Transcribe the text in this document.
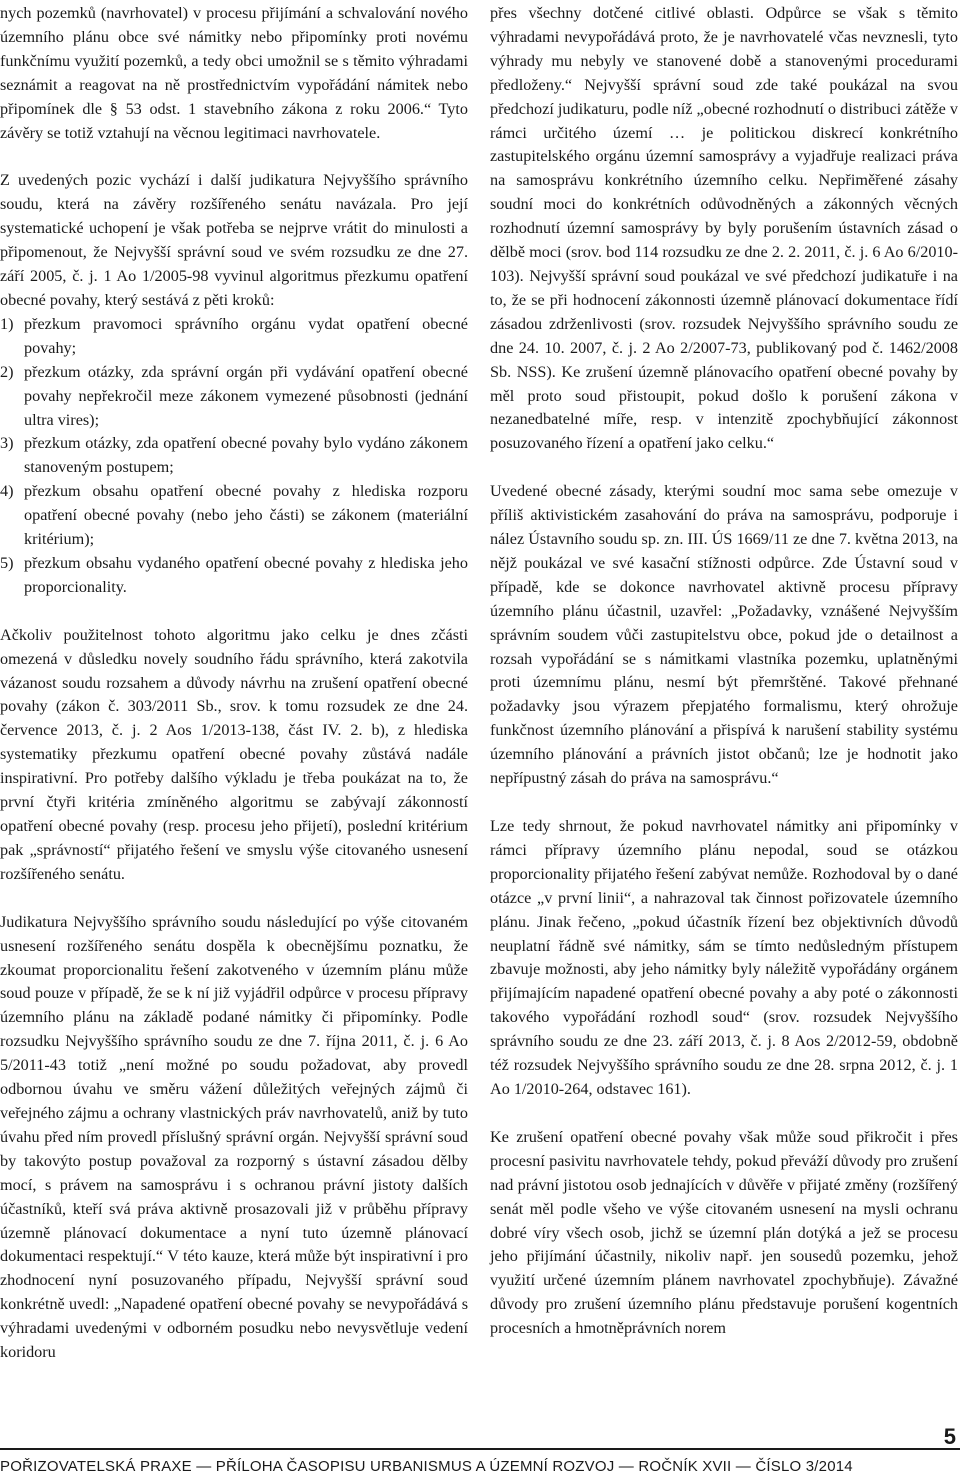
nych pozemků (navrhovatel) v procesu přijímání a schvalování nového územního plánu obce své námitky nebo připomínky proti novému funkčnímu využití pozemků, a tedy obci umožnil se s těmito výhradami seznámit a reagovat na ně prostřednictvím vypořádání námitek nebo připomínek dle § 53 odst. 1 stavebního zákona z roku 2006.“ Tyto závěry se totiž vztahují na věcnou legitimaci navrhovatele.

Z uvedených pozic vychází i další judikatura Nejvyššího správního soudu, která na závěry rozšířeného senátu navázala. Pro její systematické uchopení je však potřeba se nejprve vrátit do minulosti a připomenout, že Nejvyšší správní soud ve svém rozsudku ze dne 27. září 2005, č. j. 1 Ao 1/2005-98 vyvinul algoritmus přezkumu opatření obecné povahy, který sestává z pěti kroků:

1) přezkum pravomoci správního orgánu vydat opatření obecné povahy;
2) přezkum otázky, zda správní orgán při vydávání opatření obecné povahy nepřekročil meze zákonem vymezené působnosti (jednání ultra vires);
3) přezkum otázky, zda opatření obecné povahy bylo vydáno zákonem stanoveným postupem;
4) přezkum obsahu opatření obecné povahy z hlediska rozporu opatření obecné povahy (nebo jeho části) se zákonem (materiální kritérium);
5) přezkum obsahu vydaného opatření obecné povahy z hlediska jeho proporcionality.

Ačkoliv použitelnost tohoto algoritmu jako celku je dnes zčásti omezená v důsledku novely soudního řádu správního, která zakotvila vázanost soudu rozsahem a důvody návrhu na zrušení opatření obecné povahy (zákon č. 303/2011 Sb., srov. k tomu rozsudek ze dne 24. července 2013, č. j. 2 Aos 1/2013-138, část IV. 2. b), z hlediska systematiky přezkumu opatření obecné povahy zůstává nadále inspirativní. Pro potřeby dalšího výkladu je třeba poukázat na to, že první čtyři kritéria zmíněného algoritmu se zabývají zákonností opatření obecné povahy (resp. procesu jeho přijetí), poslední kritérium pak „správností“ přijatého řešení ve smyslu výše citovaného usnesení rozšířeného senátu.

Judikatura Nejvyššího správního soudu následující po výše citovaném usnesení rozšířeného senátu dospěla k obecnějšímu poznatku, že zkoumat proporcionalitu řešení zakotveného v územním plánu může soud pouze v případě, že se k ní již vyjádřil odpůrce v procesu přípravy územního plánu na základě podané námitky či připomínky. Podle rozsudku Nejvyššího správního soudu ze dne 7. října 2011, č. j. 6 Ao 5/2011-43 totiž „není možné po soudu požadovat, aby provedl odbornou úvahu ve směru vážení důležitých veřejných zájmů či veřejného zájmu a ochrany vlastnických práv navrhovatelů, aniž by tuto úvahu před ním provedl příslušný správní orgán. Nejvyšší správní soud by takovýto postup považoval za rozporný s ústavní zásadou dělby mocí, s právem na samosprávu i s ochranou právní jistoty dalších účastníků, kteří svá práva aktivně prosazovali již v průběhu přípravy územně plánovací dokumentace a nyní tuto územně plánovací dokumentaci respektují.“ V této kauze, která může být inspirativní i pro zhodnocení nyní posuzovaného případu, Nejvyšší správní soud konkrétně uvedl: „Napadené opatření obecné povahy se nevypořádává s výhradami uvedenými v odborném posudku nebo nevysvětluje vedení koridoru

přes všechny dotčené citlivé oblasti. Odpůrce se však s těmito výhradami nevypořádává proto, že je navrhovatelé včas nevznesli, tyto výhrady mu nebyly ve stanovené době a stanovenými procedurami předloženy.“ Nejvyšší správní soud zde také poukázal na svou předchozí judikaturu, podle níž „obecné rozhodnutí o distribuci zátěže v rámci určitého území … je politickou diskrecí konkrétního zastupitelského orgánu územní samosprávy a vyjadřuje realizaci práva na samosprávu konkrétního územního celku. Nepřiměřené zásahy soudní moci do konkrétních odůvodněných a zákonných věcných rozhodnutí územní samosprávy by byly porušením ústavních zásad o dělbě moci (srov. bod 114 rozsudku ze dne 2. 2. 2011, č. j. 6 Ao 6/2010-103). Nejvyšší správní soud poukázal ve své předchozí judikatuře i na to, že se při hodnocení zákonnosti územně plánovací dokumentace řídí zásadou zdrženlivosti (srov. rozsudek Nejvyššího správního soudu ze dne 24. 10. 2007, č. j. 2 Ao 2/2007-73, publikovaný pod č. 1462/2008 Sb. NSS). Ke zrušení územně plánovacího opatření obecné povahy by měl proto soud přistoupit, pokud došlo k porušení zákona v nezanedbatelné míře, resp. v intenzitě zpochybňující zákonnost posuzovaného řízení a opatření jako celku.“

Uvedené obecné zásady, kterými soudní moc sama sebe omezuje v příliš aktivistickém zasahování do práva na samosprávu, podporuje i nález Ústavního soudu sp. zn. III. ÚS 1669/11 ze dne 7. května 2013, na nějž poukázal ve své kasační stížnosti odpůrce. Zde Ústavní soud v případě, kde se dokonce navrhovatel aktivně procesu přípravy územního plánu účastnil, uzavřel: „Požadavky, vznášené Nejvyšším správním soudem vůči zastupitelstvu obce, pokud jde o detailnost a rozsah vypořádání se s námitkami vlastníka pozemku, uplatněnými proti územnímu plánu, nesmí být přemrštěné. Takové přehnané požadavky jsou výrazem přepjatého formalismu, který ohrožuje funkčnost územního plánování a přispívá k narušení stability systému územního plánování a právních jistot občanů; lze je hodnotit jako nepřípustný zásah do práva na samosprávu.“

Lze tedy shrnout, že pokud navrhovatel námitky ani připomínky v rámci přípravy územního plánu nepodal, soud se otázkou proporcionality přijatého řešení zabývat nemůže. Rozhodoval by o dané otázce „v první linii“, a nahrazoval tak činnost pořizovatele územního plánu. Jinak řečeno, „pokud účastník řízení bez objektivních důvodů neuplatní řádně své námitky, sám se tímto nedůsledným přístupem zbavuje možnosti, aby jeho námitky byly náležitě vypořádány orgánem přijímajícím napadené opatření obecné povahy a aby poté o zákonnosti takového vypořádání rozhodl soud“ (srov. rozsudek Nejvyššího správního soudu ze dne 23. září 2013, č. j. 8 Aos 2/2012-59, obdobně též rozsudek Nejvyššího správního soudu ze dne 28. srpna 2012, č. j. 1 Ao 1/2010-264, odstavec 161).

Ke zrušení opatření obecné povahy však může soud přikročit i přes procesní pasivitu navrhovatele tehdy, pokud převáží důvody pro zrušení nad právní jistotou osob jednajících v důvěře v přijaté změny (rozšířený senát měl podle všeho ve výše citovaném usnesení na mysli ochranu dobré víry všech osob, jichž se územní plán dotýká a jež se procesu jeho přijímání účastnily, nikoliv např. jen sousedů pozemku, jehož využití určené územním plánem navrhovatel zpochybňuje). Závažné důvody pro zrušení územního plánu představuje porušení kogentních procesních a hmotněprávních norem

5
POŘIZOVATELSKÁ PRAXE — PŘÍLOHA ČASOPISU URBANISMUS A ÚZEMNÍ ROZVOJ — ROČNÍK XVII — ČÍSLO 3/2014
